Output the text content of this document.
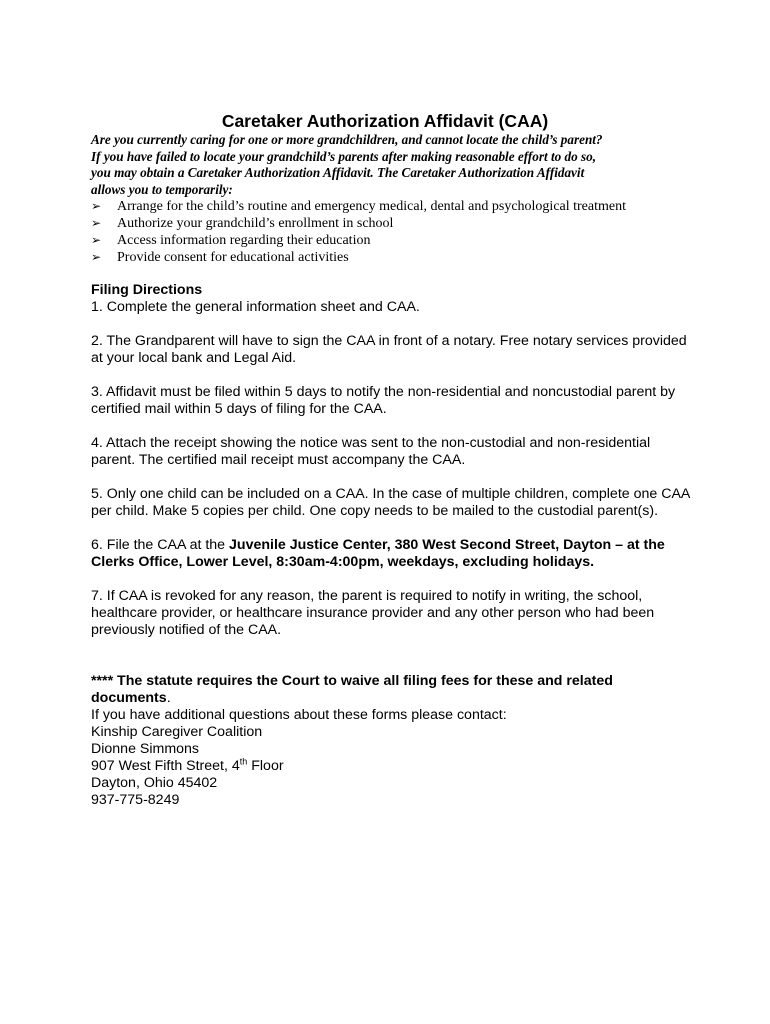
Caretaker Authorization Affidavit (CAA)
Are you currently caring for one or more grandchildren, and cannot locate the child’s parent?
If you have failed to locate your grandchild’s parents after making reasonable effort to do so,
you may obtain a Caretaker Authorization Affidavit. The Caretaker Authorization Affidavit
allows you to temporarily:
➢ Arrange for the child’s routine and emergency medical, dental and psychological treatment
➢ Authorize your grandchild’s enrollment in school
➢ Access information regarding their education
➢ Provide consent for educational activities

Filing Directions

1. Complete the general information sheet and CAA.

2. The Grandparent will have to sign the CAA in front of a notary. Free notary services provided at your local bank and Legal Aid.

3. Affidavit must be filed within 5 days to notify the non-residential and noncustodial parent by certified mail within 5 days of filing for the CAA.

4. Attach the receipt showing the notice was sent to the non-custodial and non-residential parent. The certified mail receipt must accompany the CAA.

5. Only one child can be included on a CAA. In the case of multiple children, complete one CAA per child. Make 5 copies per child. One copy needs to be mailed to the custodial parent(s).

6. File the CAA at the Juvenile Justice Center, 380 West Second Street, Dayton – at the Clerks Office, Lower Level, 8:30am-4:00pm, weekdays, excluding holidays.

7. If CAA is revoked for any reason, the parent is required to notify in writing, the school, healthcare provider, or healthcare insurance provider and any other person who had been previously notified of the CAA.

**** The statute requires the Court to waive all filing fees for these and related documents.

If you have additional questions about these forms please contact:

Kinship Caregiver Coalition

Dionne Simmons

907 West Fifth Street, 4th Floor

Dayton, Ohio 45402

937-775-8249
